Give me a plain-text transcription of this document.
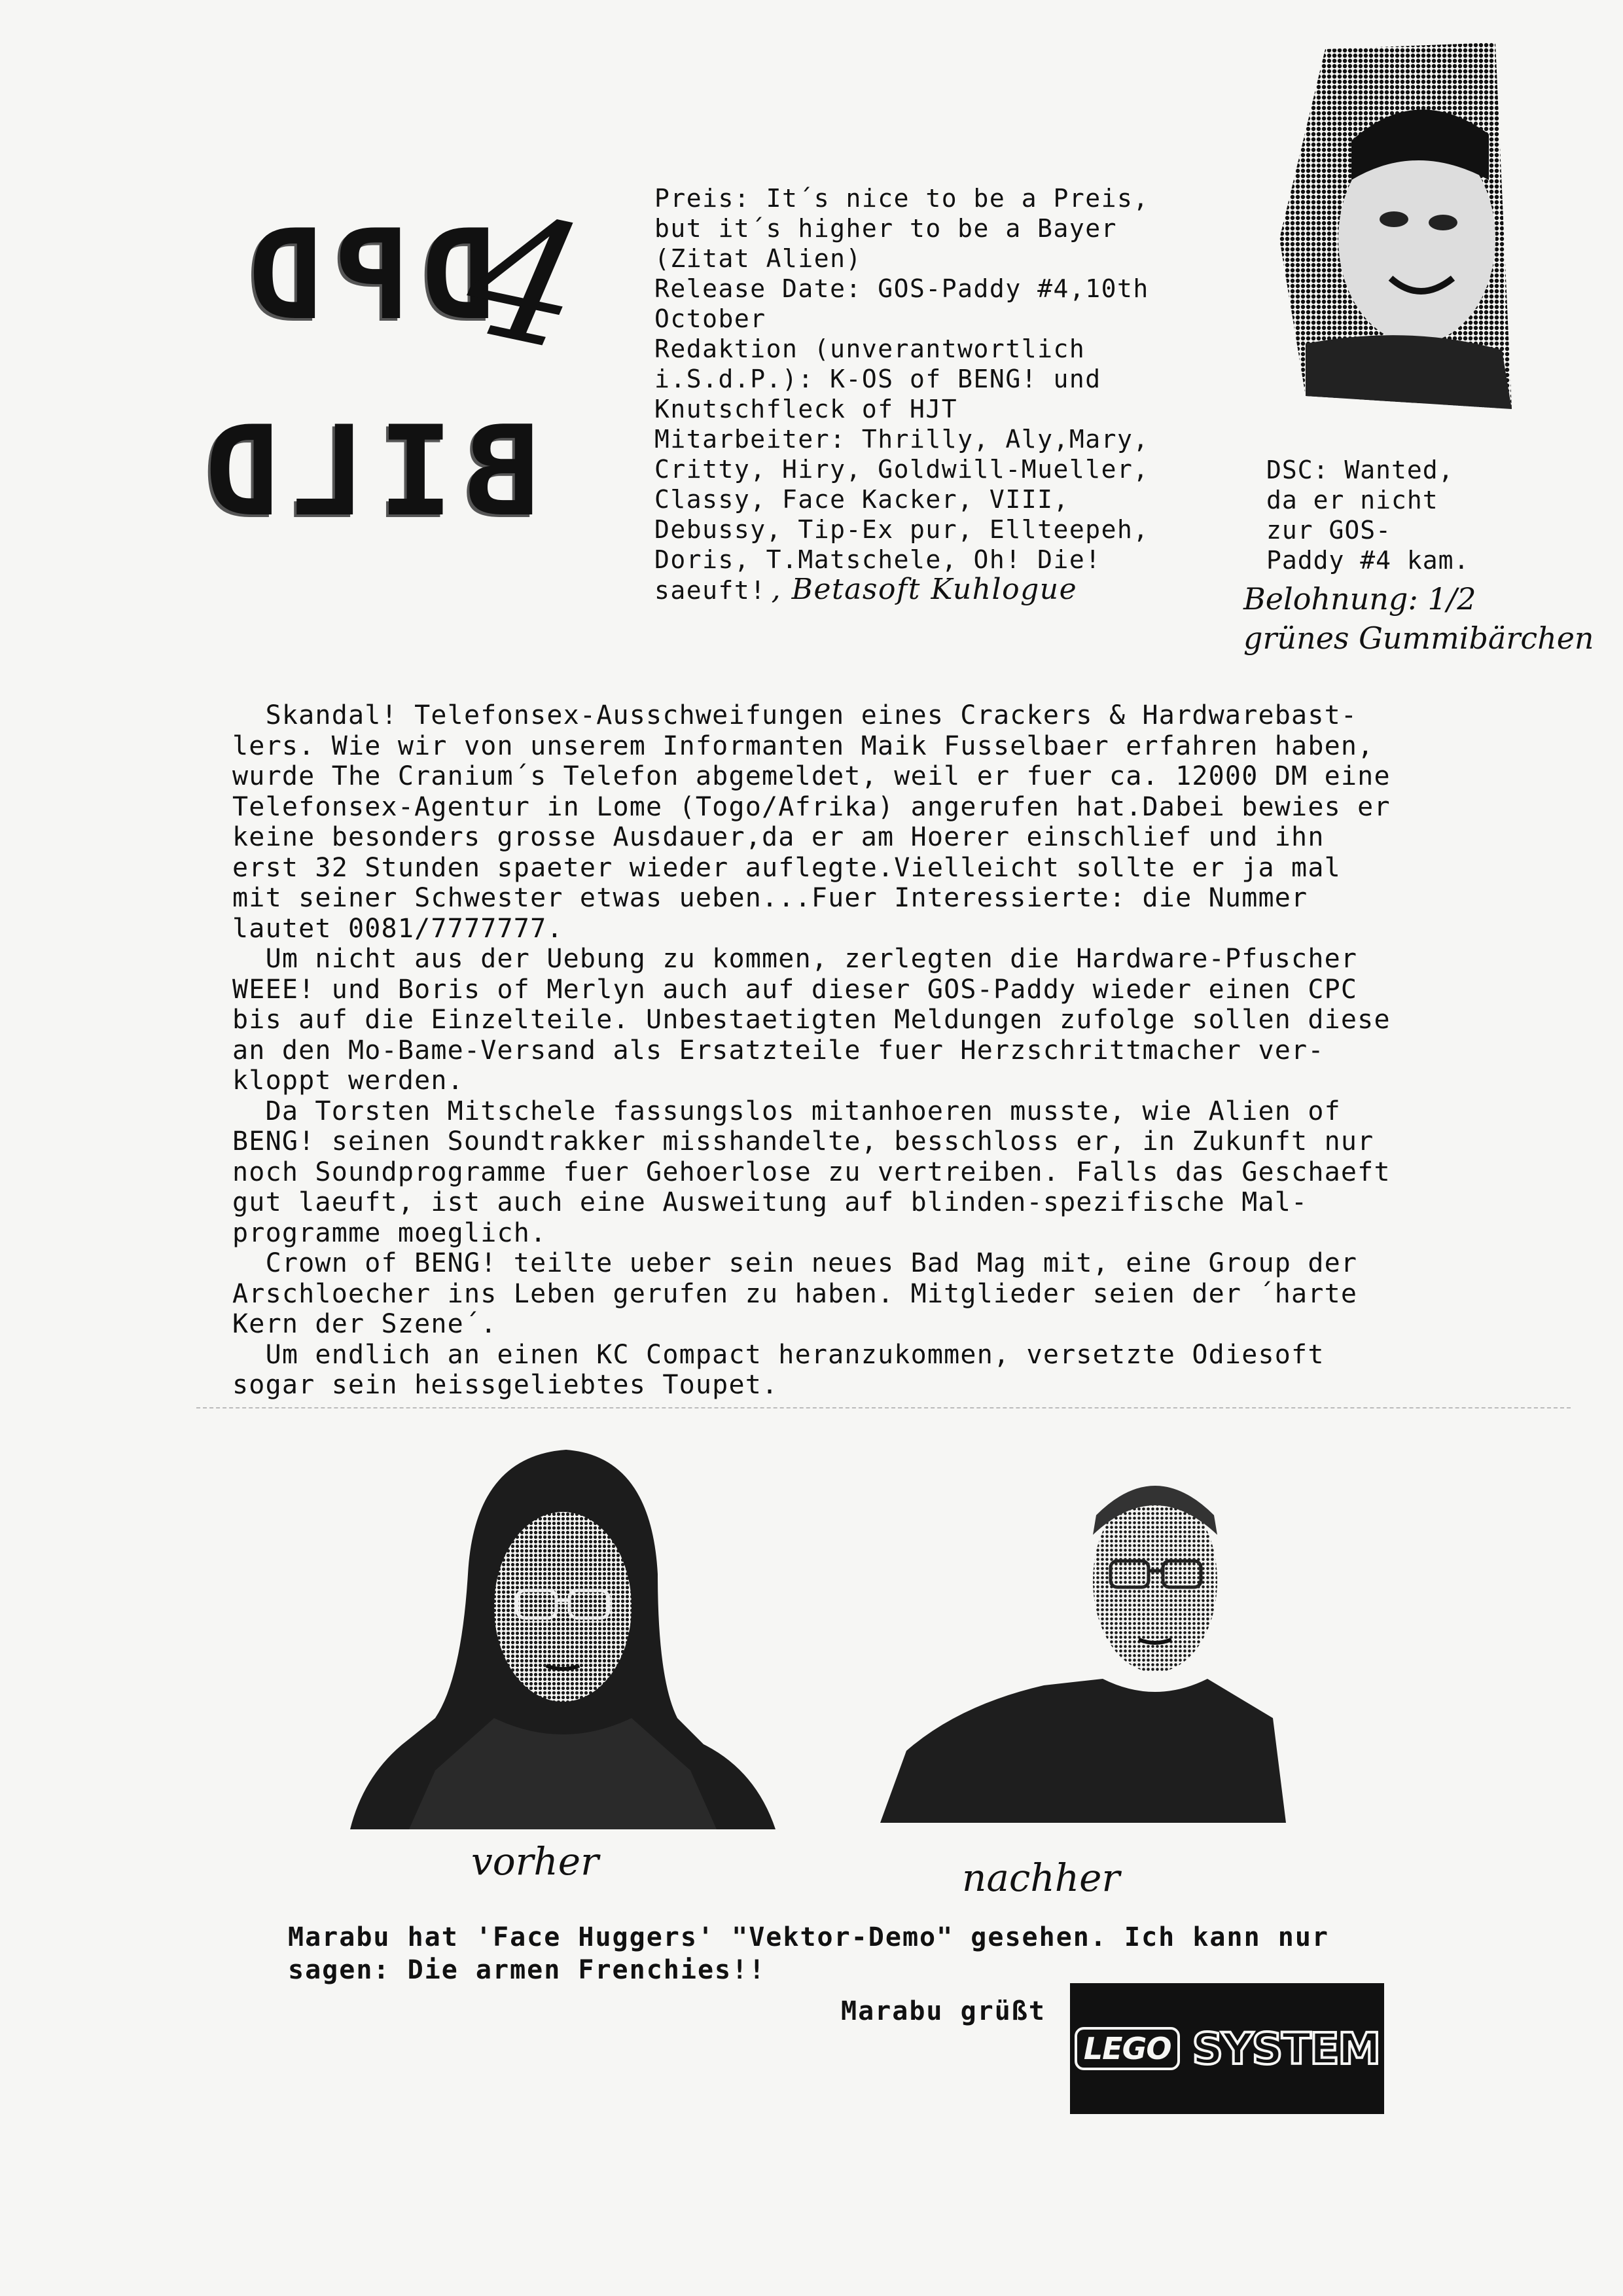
DPD
BILD
4 Preis: It´s nice to be a Preis,
but it´s higher to be a Bayer
(Zitat Alien)
Release Date: GOS-Paddy #4,10th
October
Redaktion (unverantwortlich
i.S.d.P.): K-OS of BENG! und
Knutschfleck of HJT
Mitarbeiter: Thrilly, Aly,Mary,
Critty, Hiry, Goldwill-Mueller,
Classy, Face Kacker, VIII,
Debussy, Tip-Ex pur, Ellteepeh,
Doris, T.Matschele, Oh! Die!
saeuft! , Betasoft Kuhlogue
DSC: Wanted,
da er nicht
zur GOS-
Paddy #4 kam.
Belohnung: 1/2
grünes Gummibärchen
Skandal! Telefonsex-Ausschweifungen eines Crackers & Hardwarebast-
lers. Wie wir von unserem Informanten Maik Fusselbaer erfahren haben,
wurde The Cranium´s Telefon abgemeldet, weil er fuer ca. 12000 DM eine
Telefonsex-Agentur in Lome (Togo/Afrika) angerufen hat.Dabei bewies er
keine besonders grosse Ausdauer,da er am Hoerer einschlief und ihn
erst 32 Stunden spaeter wieder auflegte.Vielleicht sollte er ja mal
mit seiner Schwester etwas ueben...Fuer Interessierte: die Nummer
lautet 0081/7777777.
Um nicht aus der Uebung zu kommen, zerlegten die Hardware-Pfuscher
WEEE! und Boris of Merlyn auch auf dieser GOS-Paddy wieder einen CPC
bis auf die Einzelteile. Unbestaetigten Meldungen zufolge sollen diese
an den Mo-Bame-Versand als Ersatzteile fuer Herzschrittmacher ver-
kloppt werden.
Da Torsten Mitschele fassungslos mitanhoeren musste, wie Alien of
BENG! seinen Soundtrakker misshandelte, besschloss er, in Zukunft nur
noch Soundprogramme fuer Gehoerlose zu vertreiben. Falls das Geschaeft
gut laeuft, ist auch eine Ausweitung auf blinden-spezifische Mal-
programme moeglich.
Crown of BENG! teilte ueber sein neues Bad Mag mit, eine Group der
Arschloecher ins Leben gerufen zu haben. Mitglieder seien der ´harte
Kern der Szene´.
Um endlich an einen KC Compact heranzukommen, versetzte Odiesoft
sogar sein heissgeliebtes Toupet.
vorher	nachher
Marabu hat 'Face Huggers' "Vektor-Demo" gesehen. Ich kann nur
sagen: Die armen Frenchies!!
Marabu grüßt
LEGO SYSTEM
